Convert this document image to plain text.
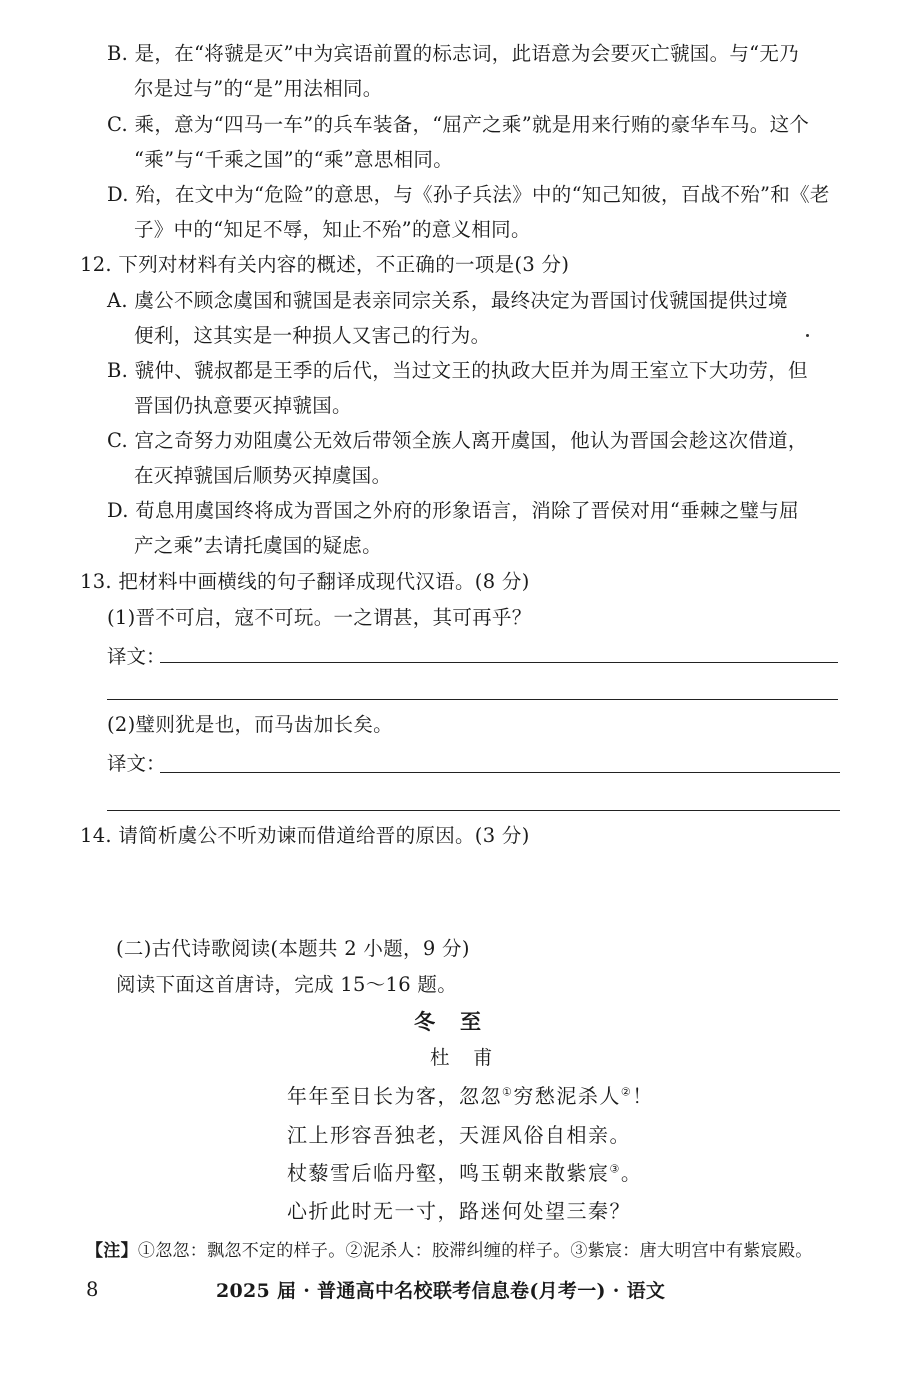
B. 是，在“将虢是灭”中为宾语前置的标志词，此语意为会要灭亡虢国。与“无乃
尔是过与”的“是”用法相同。
C. 乘，意为“四马一车”的兵车装备，“屈产之乘”就是用来行贿的豪华车马。这个
“乘”与“千乘之国”的“乘”意思相同。
D. 殆，在文中为“危险”的意思，与《孙子兵法》中的“知己知彼，百战不殆”和《老
子》中的“知足不辱，知止不殆”的意义相同。
12. 下列对材料有关内容的概述，不正确的一项是(3 分)
A. 虞公不顾念虞国和虢国是表亲同宗关系，最终决定为晋国讨伐虢国提供过境
便利，这其实是一种损人又害己的行为。
B. 虢仲、虢叔都是王季的后代，当过文王的执政大臣并为周王室立下大功劳，但
晋国仍执意要灭掉虢国。
C. 宫之奇努力劝阻虞公无效后带领全族人离开虞国，他认为晋国会趁这次借道，
在灭掉虢国后顺势灭掉虞国。
D. 荀息用虞国终将成为晋国之外府的形象语言，消除了晋侯对用“垂棘之璧与屈
产之乘”去请托虞国的疑虑。
13. 把材料中画横线的句子翻译成现代汉语。(8 分)
(1)晋不可启，寇不可玩。一之谓甚，其可再乎？
译文：
(2)璧则犹是也，而马齿加长矣。
译文：
14. 请简析虞公不听劝谏而借道给晋的原因。(3 分)
(二)古代诗歌阅读(本题共 2 小题，9 分)
阅读下面这首唐诗，完成 15～16 题。
冬　至
杜　甫
年年至日长为客，忽忽①穷愁泥杀人②！
江上形容吾独老，天涯风俗自相亲。
杖藜雪后临丹壑，鸣玉朝来散紫宸③。
心折此时无一寸，路迷何处望三秦？
【注】①忽忽：飘忽不定的样子。②泥杀人：胶滞纠缠的样子。③紫宸：唐大明宫中有紫宸殿。
8	2025 届 · 普通高中名校联考信息卷(月考一) · 语文
